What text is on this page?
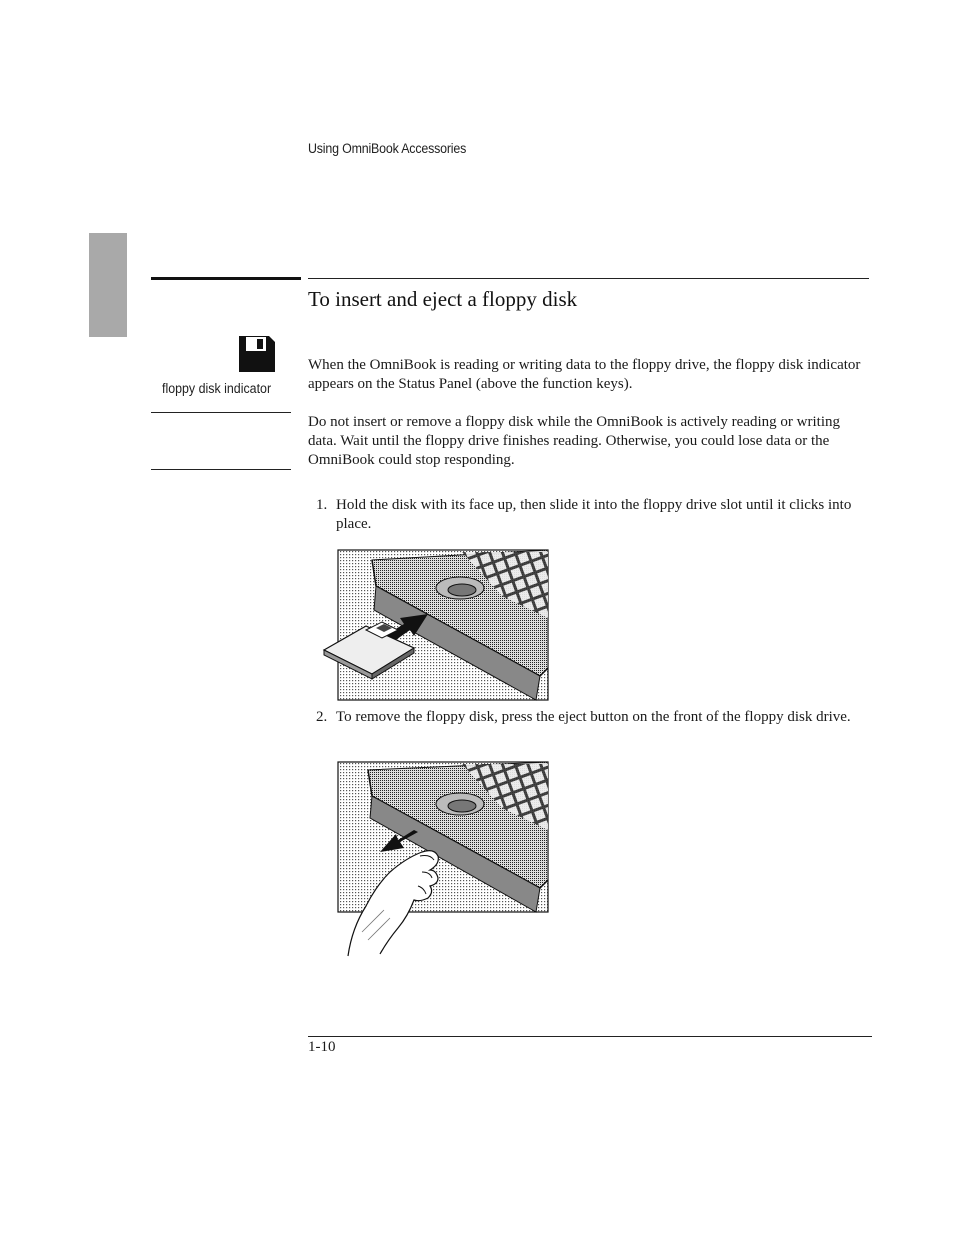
Using OmniBook Accessories
To insert and eject a floppy disk
floppy disk indicator
When the OmniBook is reading or writing data to the floppy drive, the floppy disk indicator appears on the Status Panel (above the function keys).
Do not insert or remove a floppy disk while the OmniBook is actively reading or writing data. Wait until the floppy drive finishes reading. Otherwise, you could lose data or the OmniBook could stop responding.
1. Hold the disk with its face up, then slide it into the floppy drive slot until it clicks into place.
2. To remove the floppy disk, press the eject button on the front of the floppy disk drive.
1-10
